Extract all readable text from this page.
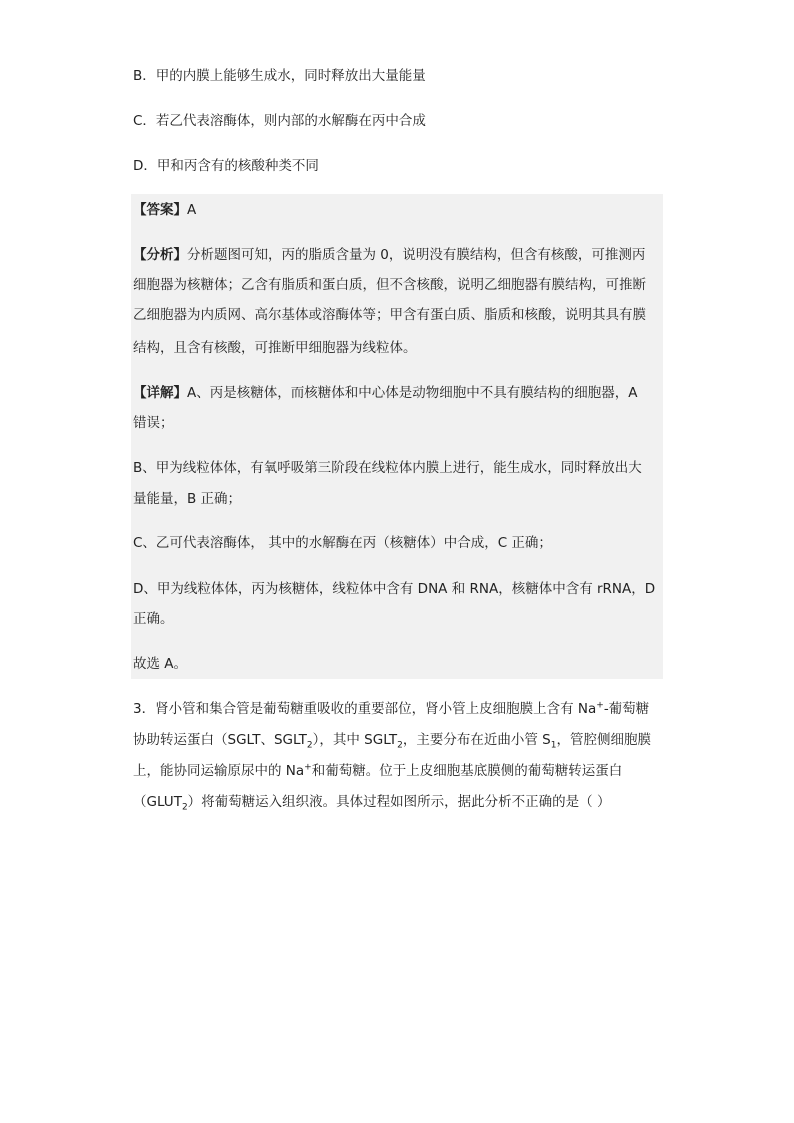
B．甲的内膜上能够生成水，同时释放出大量能量
C．若乙代表溶酶体，则内部的水解酶在丙中合成
D．甲和丙含有的核酸种类不同
【答案】A
【分析】分析题图可知，丙的脂质含量为 0，说明没有膜结构，但含有核酸，可推测丙
细胞器为核糖体；乙含有脂质和蛋白质，但不含核酸，说明乙细胞器有膜结构，可推断
乙细胞器为内质网、高尔基体或溶酶体等；甲含有蛋白质、脂质和核酸，说明其具有膜
结构，且含有核酸，可推断甲细胞器为线粒体。
【详解】A、丙是核糖体，而核糖体和中心体是动物细胞中不具有膜结构的细胞器，A
错误；
B、甲为线粒体体，有氧呼吸第三阶段在线粒体内膜上进行，能生成水，同时释放出大
量能量，B 正确；
C、乙可代表溶酶体， 其中的水解酶在丙（核糖体）中合成，C 正确；
D、甲为线粒体体，丙为核糖体，线粒体中含有 DNA 和 RNA，核糖体中含有 rRNA，D
正确。
故选 A。
3．肾小管和集合管是葡萄糖重吸收的重要部位，肾小管上皮细胞膜上含有 Na+-葡萄糖
协助转运蛋白（SGLT、$SGLT_2$），其中 $SGLT_2$，主要分布在近曲小管 $S_1$，管腔侧细胞膜
上，能协同运输原尿中的 Na+和葡萄糖。位于上皮细胞基底膜侧的葡萄糖转运蛋白
$(GLUT_2)$将葡萄糖运入组织液。具体过程如图所示，据此分析不正确的是（ ）
